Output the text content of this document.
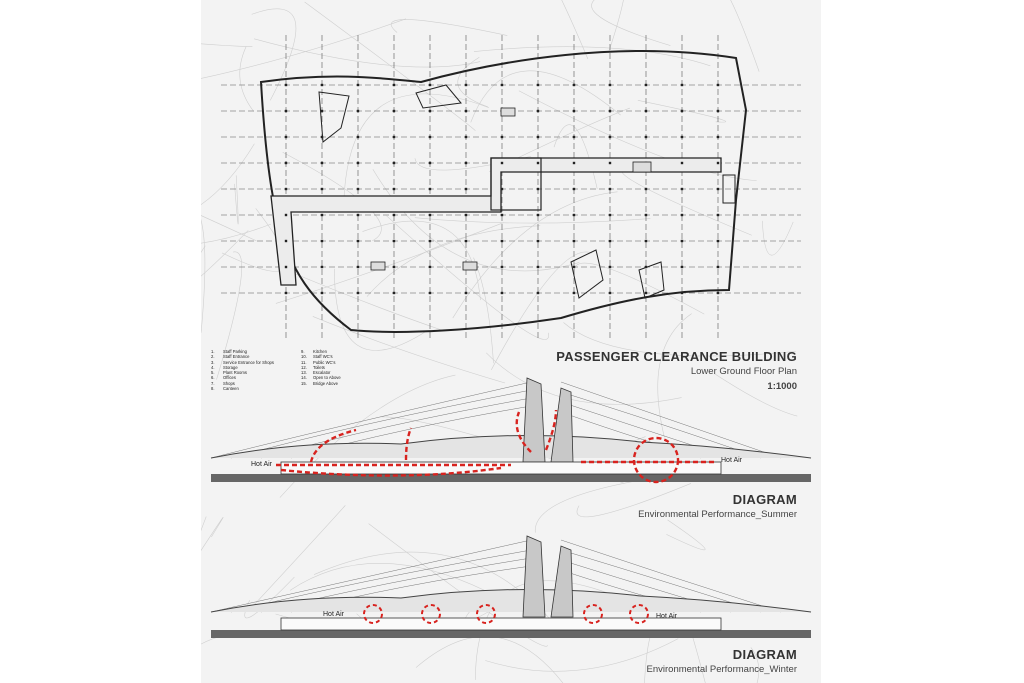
PASSENGER CLEARANCE BUILDING
Lower Ground Floor Plan
1:1000
1.	Staff Parking
2.	Staff Entrance
3.	Service Entrance for Shops
4.	Storage
5.	Plant Rooms
6.	Offices
7.	Shops
8.	Canteen
9.	Kitchen
10.	Staff WC's
11.	Public WC's
12.	Toilets
13.	Escalator
14.	Open to Above
15.	Bridge Above
Hot Air
Hot Air
DIAGRAM
Environmental Performance_Summer
Hot Air	Hot Air
DIAGRAM
Environmental Performance_Winter
